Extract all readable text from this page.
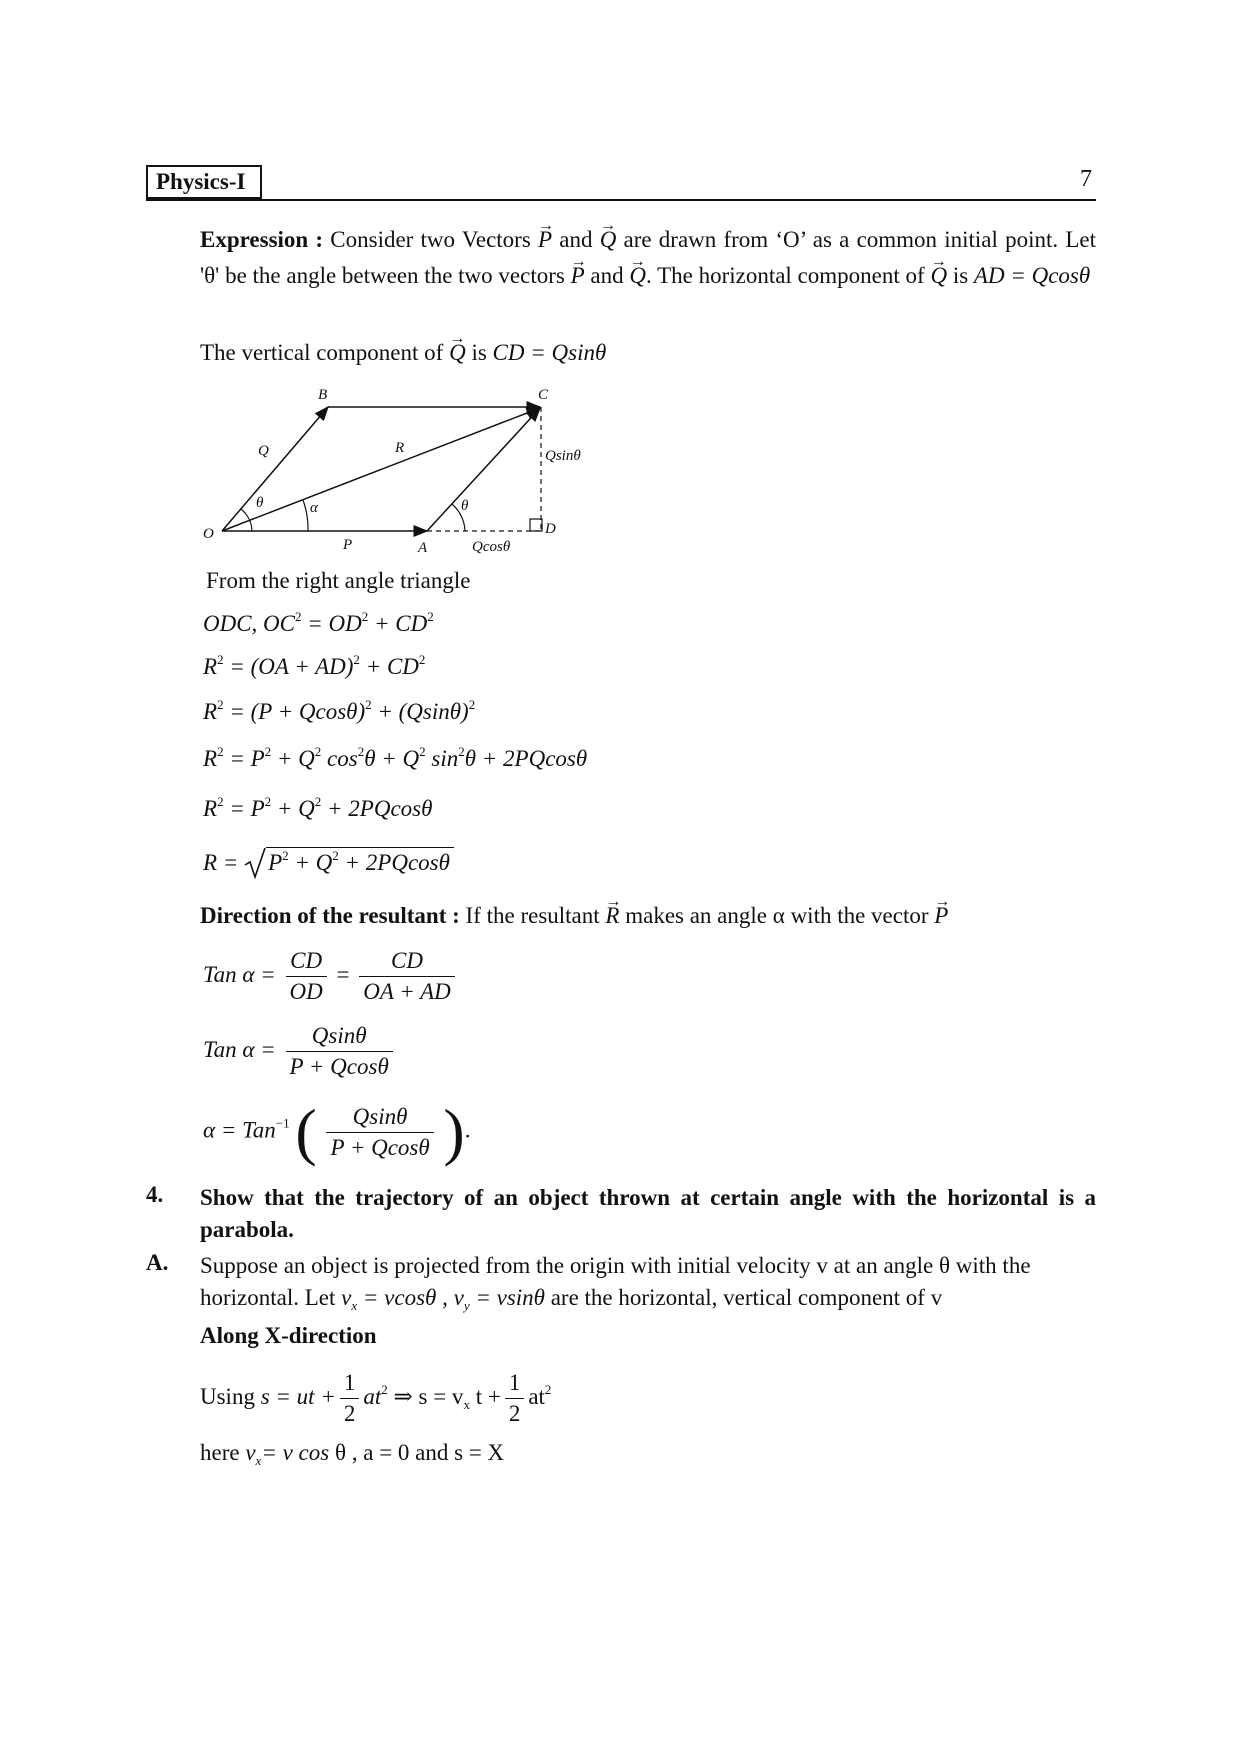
Physics-I	7
Expression : Consider two Vectors → P and → Q are drawn from ‘O’ as a common initial point. Let 'θ' be the angle between the two vectors → P and → Q. The horizontal component of → Q is AD = Qcosθ
The vertical component of → Q is CD = Qsinθ
B	C
O
A
D
Q	R
P
θ	α	θ
Qsinθ
Qcosθ
From the right angle triangle
ODC, $OC^2 = OD^2 + CD^2$
$R^2 = (OA + AD)^2 + CD^2$
$R^2 = (P + Qcos\theta)^2 + (Qsin\theta)^2$
$R^2 = P^2 + Q^2$ $\cos^2\theta + Q^2$ $\sin^2\theta + 2PQcos\theta$
$R^2 = P^2 + Q^2 + 2PQcos\theta$
$R = P^2 + Q^2 + 2PQcos\theta$
Direction of the resultant : If the resultant → R makes an angle α with the vector → P
Tan $\alpha = \frac{CD}{OD} = \frac{CD}{OA + AD}$
Tan $\alpha = \frac{Qsin\theta}{P + Qcos\theta}$
α = Tan$^{-1}$ ( $\frac{Qsin\theta}{P + Qcos\theta}$ ).
4. Show that the trajectory of an object thrown at certain angle with the horizontal is a parabola.
A. Suppose an object is projected from the origin with initial velocity v at an angle θ with the
horizontal. Let $v_x = vcos\theta$ , $v_y = vsin\theta$ are the horizontal, vertical component of v
Along X-direction
Using s = ut + $\frac{1}{2} at^2$ ⇒ $s = v_x$ $t + \frac{1}{2} at^2$
here $v_x= v$ cos θ , a = 0 and s = X
